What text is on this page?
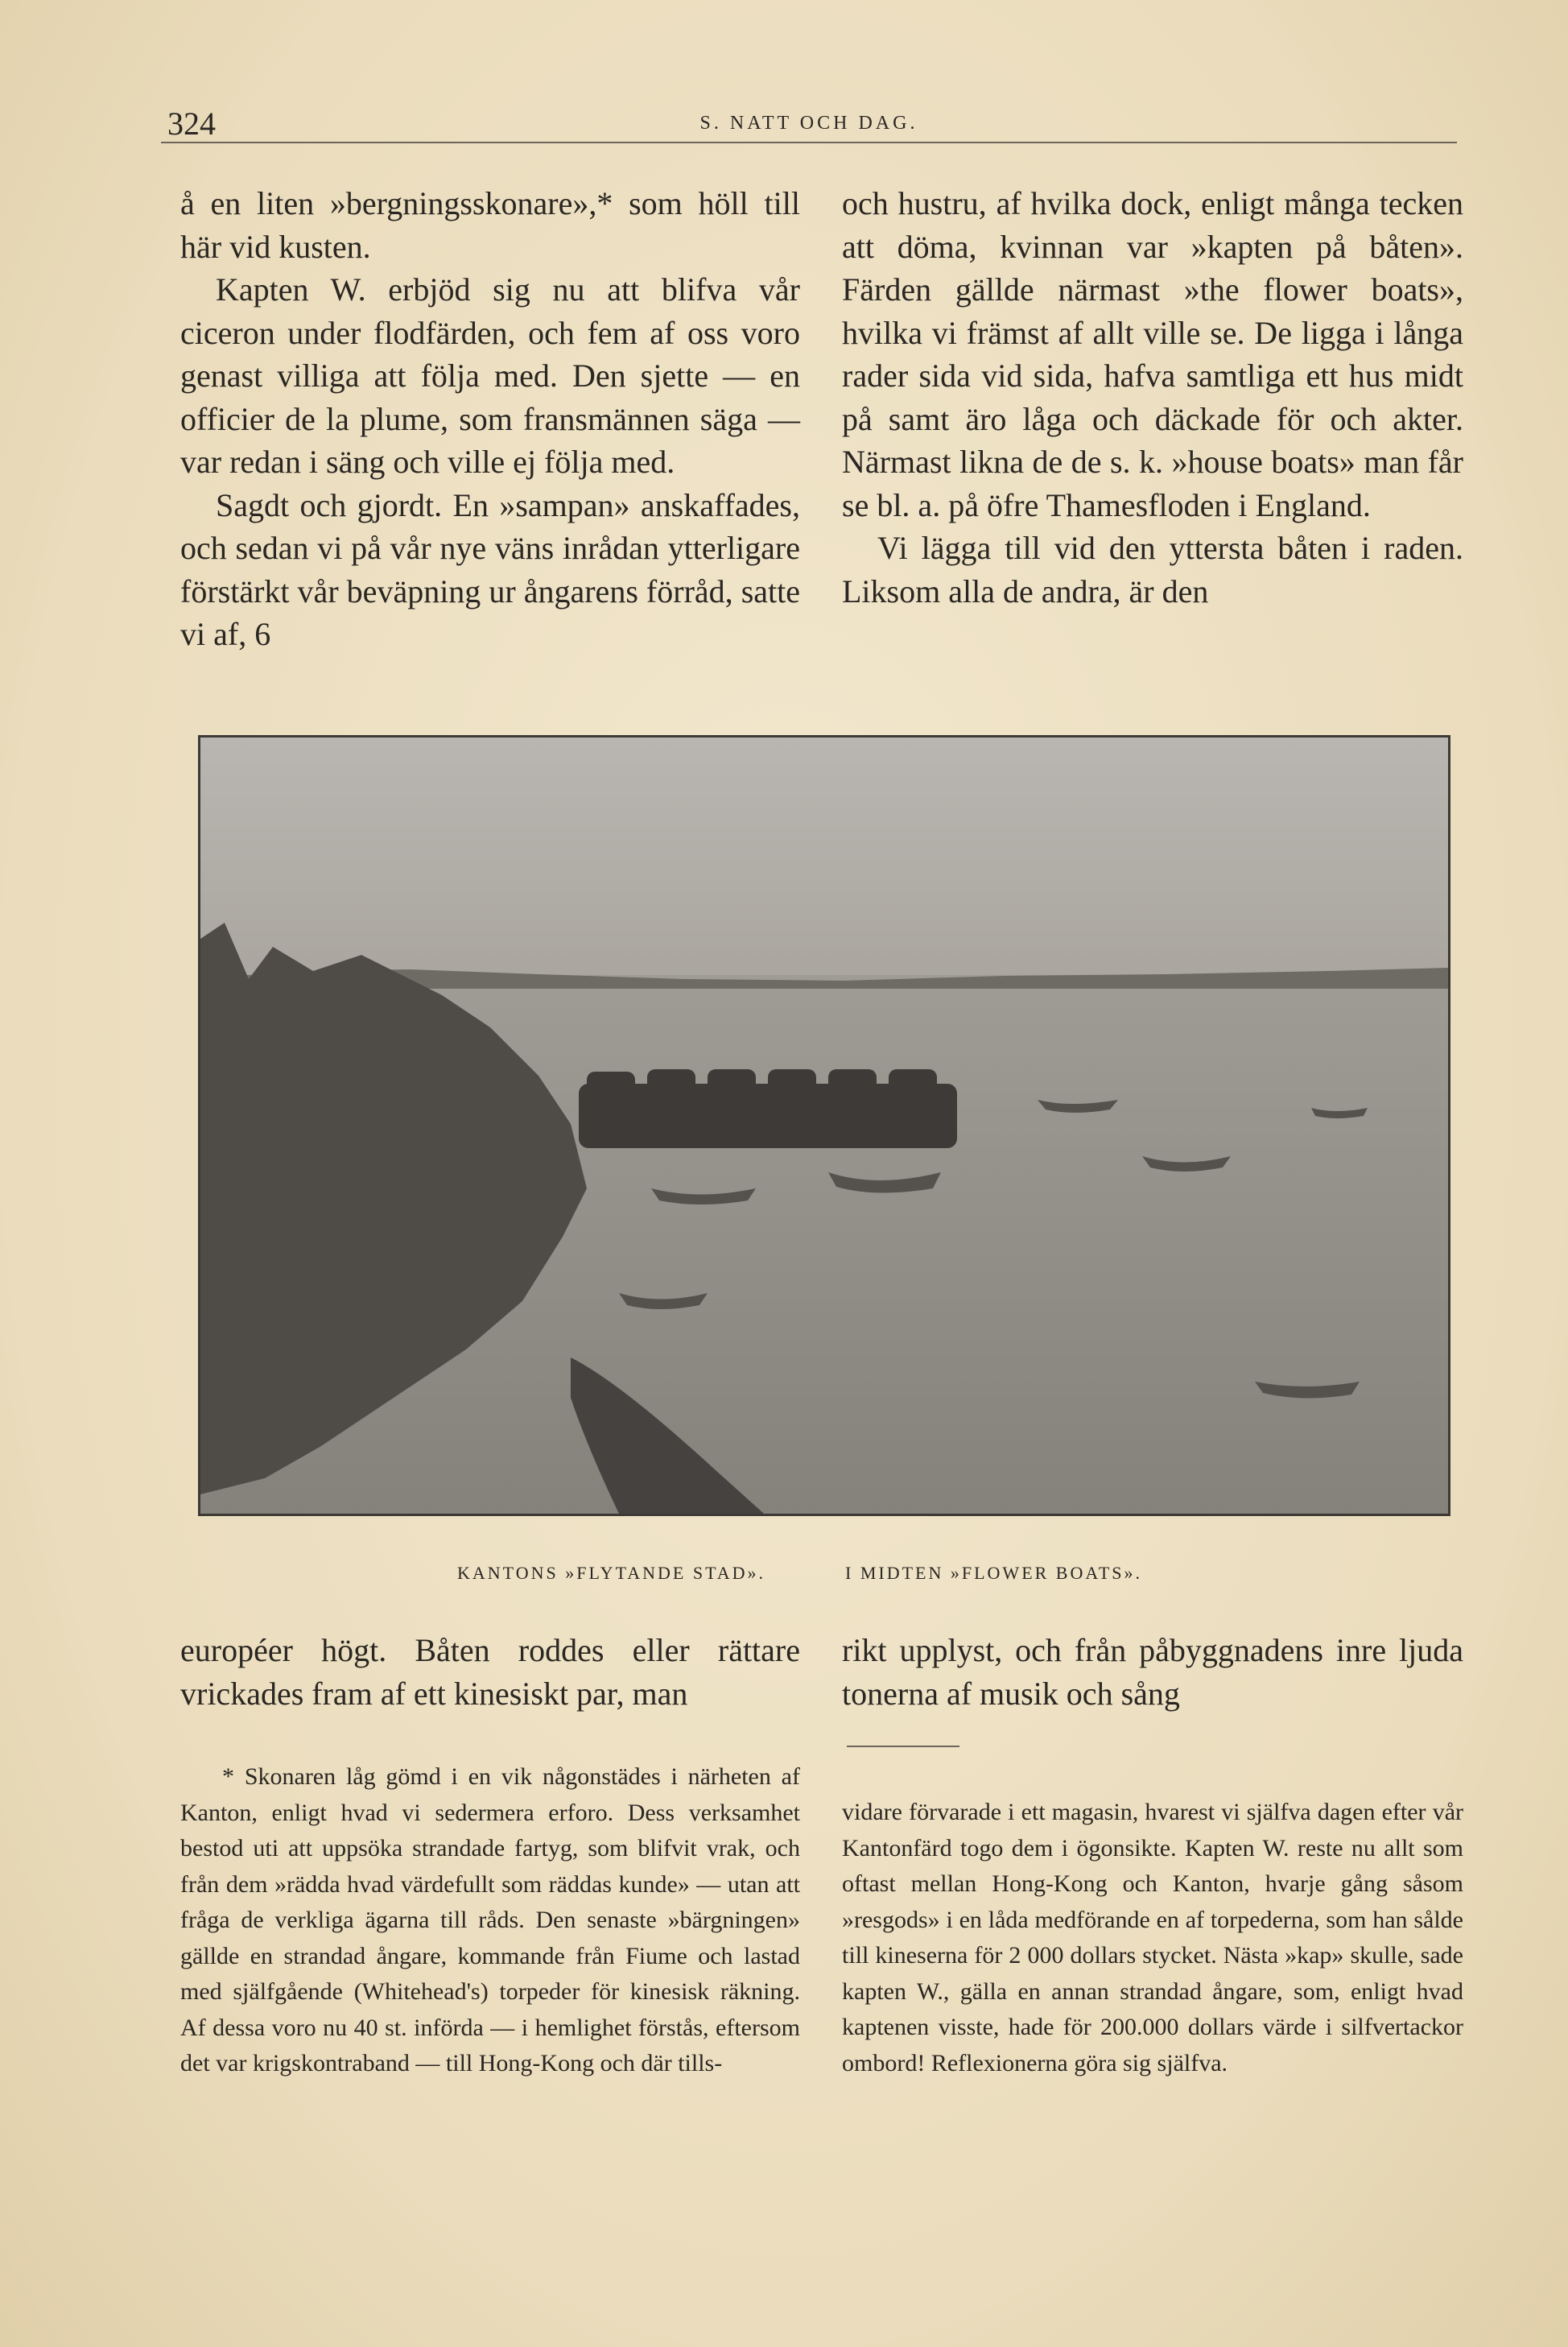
324	S. NATT OCH DAG.

å en liten »bergningsskonare»,* som höll till här vid kusten.

Kapten W. erbjöd sig nu att blifva vår ciceron under flodfärden, och fem af oss voro genast villiga att följa med. Den sjette — en officier de la plume, som fransmännen säga — var redan i säng och ville ej följa med.

Sagdt och gjordt. En »sampan» anskaffades, och sedan vi på vår nye väns inrådan ytterligare förstärkt vår beväpning ur ångarens förråd, satte vi af, 6

och hustru, af hvilka dock, enligt många tecken att döma, kvinnan var »kapten på båten». Färden gällde närmast »the flower boats», hvilka vi främst af allt ville se. De ligga i långa rader sida vid sida, hafva samtliga ett hus midt på samt äro låga och däckade för och akter. Närmast likna de de s. k. »house boats» man får se bl. a. på öfre Thamesfloden i England.

Vi lägga till vid den yttersta båten i raden. Liksom alla de andra, är den

KANTONS »FLYTANDE STAD».	I MIDTEN »FLOWER BOATS».

européer högt. Båten roddes eller rättare vrickades fram af ett kinesiskt par, man

rikt upplyst, och från påbyggnadens inre ljuda tonerna af musik och sång

* Skonaren låg gömd i en vik någonstädes i närheten af Kanton, enligt hvad vi sedermera erforo. Dess verksamhet bestod uti att uppsöka strandade fartyg, som blifvit vrak, och från dem »rädda hvad värdefullt som räddas kunde» — utan att fråga de verkliga ägarna till råds. Den senaste »bärgningen» gällde en strandad ångare, kommande från Fiume och lastad med själfgående (Whitehead's) torpeder för kinesisk räkning. Af dessa voro nu 40 st. införda — i hemlighet förstås, eftersom det var krigskontraband — till Hong-Kong och där tills-

vidare förvarade i ett magasin, hvarest vi själfva dagen efter vår Kantonfärd togo dem i ögonsikte. Kapten W. reste nu allt som oftast mellan Hong-Kong och Kanton, hvarje gång såsom »resgods» i en låda medförande en af torpederna, som han sålde till kineserna för 2 000 dollars stycket. Nästa »kap» skulle, sade kapten W., gälla en annan strandad ångare, som, enligt hvad kaptenen visste, hade för 200.000 dollars värde i silfvertackor ombord! Reflexionerna göra sig själfva.
